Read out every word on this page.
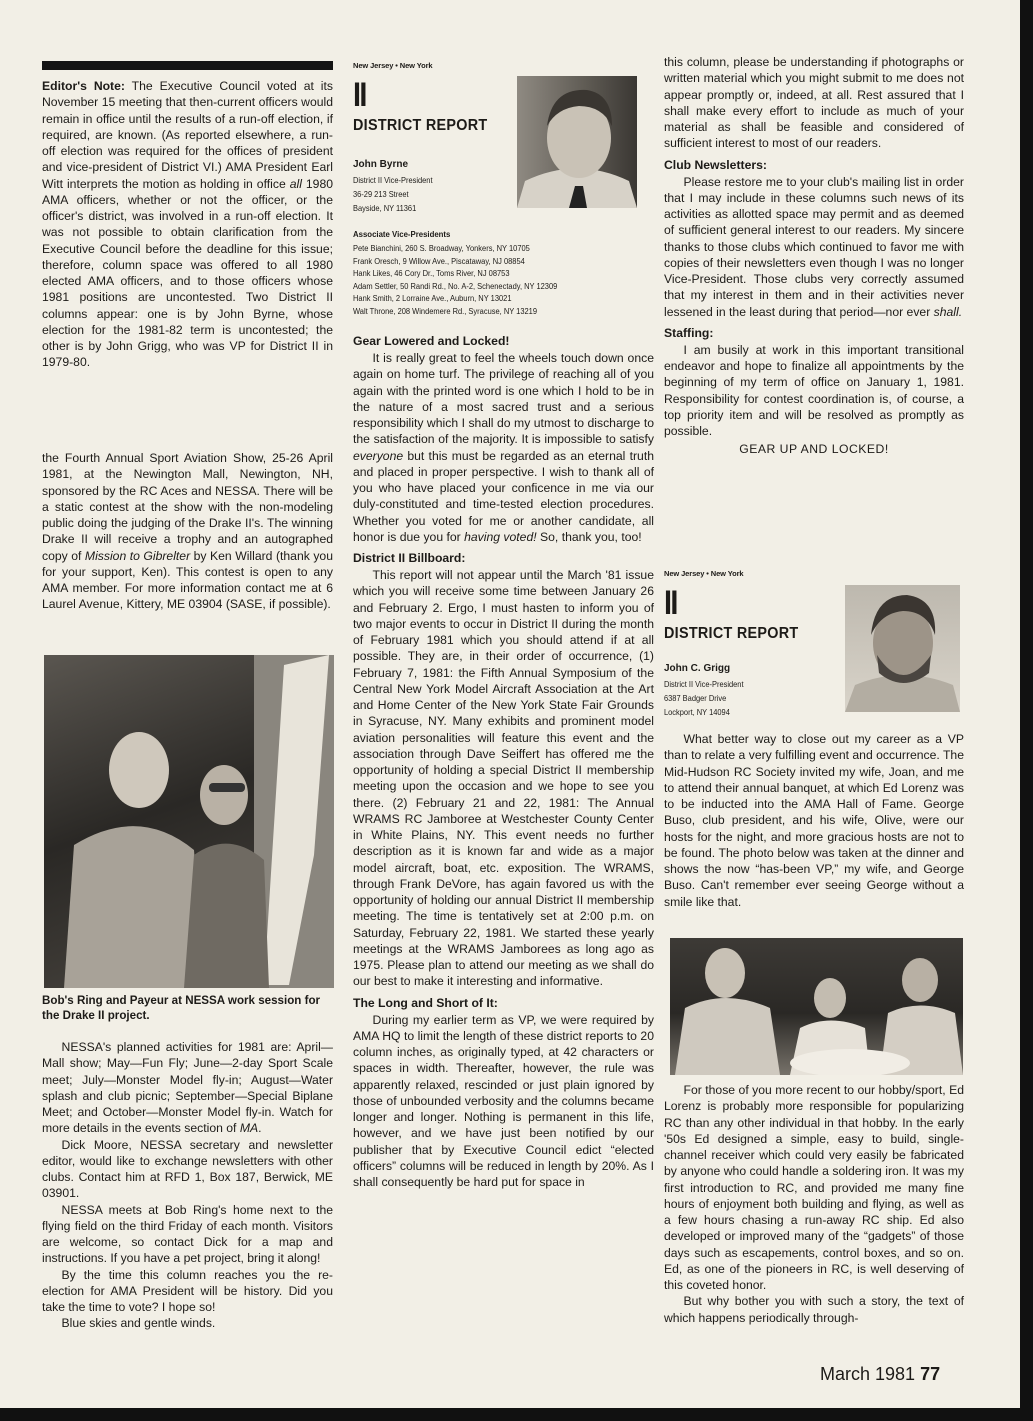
Editor's Note: The Executive Council voted at its November 15 meeting that then-current officers would remain in office until the results of a run-off election, if required, are known. (As reported elsewhere, a run-off election was required for the offices of president and vice-president of District VI.) AMA President Earl Witt interprets the motion as holding in office all 1980 AMA officers, whether or not the officer, or the officer's district, was involved in a run-off election. It was not possible to obtain clarification from the Executive Council before the deadline for this issue; therefore, column space was offered to all 1980 elected AMA officers, and to those officers whose 1981 positions are uncontested. Two District II columns appear: one is by John Byrne, whose election for the 1981-82 term is uncontested; the other is by John Grigg, who was VP for District II in 1979-80.

the Fourth Annual Sport Aviation Show, 25-26 April 1981, at the Newington Mall, Newington, NH, sponsored by the RC Aces and NESSA. There will be a static contest at the show with the non-modeling public doing the judging of the Drake II's. The winning Drake II will receive a trophy and an autographed copy of Mission to Gibrelter by Ken Willard (thank you for your support, Ken). This contest is open to any AMA member. For more information contact me at 6 Laurel Avenue, Kittery, ME 03904 (SASE, if possible).

Bob's Ring and Payeur at NESSA work session for the Drake II project.

NESSA's planned activities for 1981 are: April—Mall show; May—Fun Fly; June—2-day Sport Scale meet; July—Monster Model fly-in; August—Water splash and club picnic; September—Special Biplane Meet; and October—Monster Model fly-in. Watch for more details in the events section of MA.

Dick Moore, NESSA secretary and newsletter editor, would like to exchange newsletters with other clubs. Contact him at RFD 1, Box 187, Berwick, ME 03901.

NESSA meets at Bob Ring's home next to the flying field on the third Friday of each month. Visitors are welcome, so contact Dick for a map and instructions. If you have a pet project, bring it along!

By the time this column reaches you the re-election for AMA President will be history. Did you take the time to vote? I hope so!

Blue skies and gentle winds.

New Jersey • New York
II
DISTRICT REPORT
John Byrne
District II Vice-President
36-29 213 Street
Bayside, NY 11361
Associate Vice-Presidents
Pete Bianchini, 260 S. Broadway, Yonkers, NY 10705
Frank Oresch, 9 Willow Ave., Piscataway, NJ 08854
Hank Likes, 46 Cory Dr., Toms River, NJ 08753
Adam Settler, 50 Randi Rd., No. A-2, Schenectady, NY 12309
Hank Smith, 2 Lorraine Ave., Auburn, NY 13021
Walt Throne, 208 Windemere Rd., Syracuse, NY 13219
Gear Lowered and Locked!

It is really great to feel the wheels touch down once again on home turf. The privilege of reaching all of you again with the printed word is one which I hold to be in the nature of a most sacred trust and a serious responsibility which I shall do my utmost to discharge to the satisfaction of the majority. It is impossible to satisfy everyone but this must be regarded as an eternal truth and placed in proper perspective. I wish to thank all of you who have placed your conficence in me via our duly-constituted and time-tested election procedures. Whether you voted for me or another candidate, all honor is due you for having voted! So, thank you, too!

District II Billboard:

This report will not appear until the March '81 issue which you will receive some time between January 26 and February 2. Ergo, I must hasten to inform you of two major events to occur in District II during the month of February 1981 which you should attend if at all possible. They are, in their order of occurrence, (1) February 7, 1981: the Fifth Annual Symposium of the Central New York Model Aircraft Association at the Art and Home Center of the New York State Fair Grounds in Syracuse, NY. Many exhibits and prominent model aviation personalities will feature this event and the association through Dave Seiffert has offered me the opportunity of holding a special District II membership meeting upon the occasion and we hope to see you there. (2) February 21 and 22, 1981: The Annual WRAMS RC Jamboree at Westchester County Center in White Plains, NY. This event needs no further description as it is known far and wide as a major model aircraft, boat, etc. exposition. The WRAMS, through Frank DeVore, has again favored us with the opportunity of holding our annual District II membership meeting. The time is tentatively set at 2:00 p.m. on Saturday, February 22, 1981. We started these yearly meetings at the WRAMS Jamborees as long ago as 1975. Please plan to attend our meeting as we shall do our best to make it interesting and informative.

The Long and Short of It:

During my earlier term as VP, we were required by AMA HQ to limit the length of these district reports to 20 column inches, as originally typed, at 42 characters or spaces in width. Thereafter, however, the rule was apparently relaxed, rescinded or just plain ignored by those of unbounded verbosity and the columns became longer and longer. Nothing is permanent in this life, however, and we have just been notified by our publisher that by Executive Council edict “elected officers” columns will be reduced in length by 20%. As I shall consequently be hard put for space in

this column, please be understanding if photographs or written material which you might submit to me does not appear promptly or, indeed, at all. Rest assured that I shall make every effort to include as much of your material as shall be feasible and considered of sufficient interest to most of our readers.

Club Newsletters:

Please restore me to your club's mailing list in order that I may include in these columns such news of its activities as allotted space may permit and as deemed of sufficient general interest to our readers. My sincere thanks to those clubs which continued to favor me with copies of their newsletters even though I was no longer Vice-President. Those clubs very correctly assumed that my interest in them and in their activities never lessened in the least during that period—nor ever shall.

Staffing:

I am busily at work in this important transitional endeavor and hope to finalize all appointments by the beginning of my term of office on January 1, 1981. Responsibility for contest coordination is, of course, a top priority item and will be resolved as promptly as possible.

GEAR UP AND LOCKED!

New Jersey • New York
II
DISTRICT REPORT
John C. Grigg
District II Vice-President
6387 Badger Drive
Lockport, NY 14094

What better way to close out my career as a VP than to relate a very fulfilling event and occurrence. The Mid-Hudson RC Society invited my wife, Joan, and me to attend their annual banquet, at which Ed Lorenz was to be inducted into the AMA Hall of Fame. George Buso, club president, and his wife, Olive, were our hosts for the night, and more gracious hosts are not to be found. The photo below was taken at the dinner and shows the now “has-been VP,” my wife, and George Buso. Can't remember ever seeing George without a smile like that.

For those of you more recent to our hobby/sport, Ed Lorenz is probably more responsible for popularizing RC than any other individual in that hobby. In the early '50s Ed designed a simple, easy to build, single-channel receiver which could very easily be fabricated by anyone who could handle a soldering iron. It was my first introduction to RC, and provided me many fine hours of enjoyment both building and flying, as well as a few hours chasing a run-away RC ship. Ed also developed or improved many of the “gadgets” of those days such as escapements, control boxes, and so on. Ed, as one of the pioneers in RC, is well deserving of this coveted honor.

But why bother you with such a story, the text of which happens periodically through-

March 1981 77
